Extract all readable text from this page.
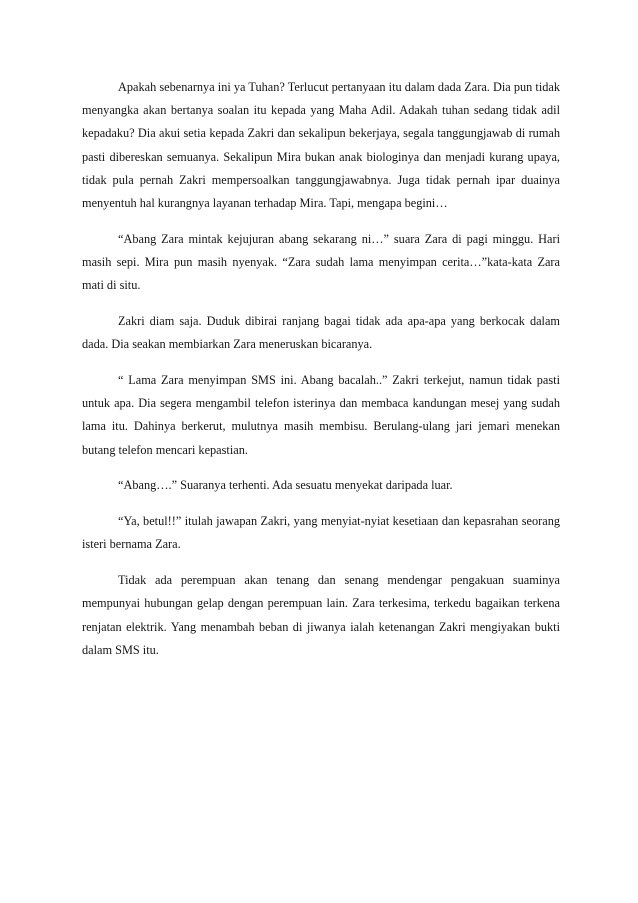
Apakah sebenarnya ini ya Tuhan? Terlucut pertanyaan itu dalam dada Zara. Dia pun tidak menyangka akan bertanya soalan itu kepada yang Maha Adil. Adakah tuhan sedang tidak adil kepadaku? Dia akui setia kepada Zakri dan sekalipun bekerjaya, segala tanggungjawab di rumah pasti dibereskan semuanya. Sekalipun Mira bukan anak biologinya dan menjadi kurang upaya, tidak pula pernah Zakri mempersoalkan tanggungjawabnya. Juga tidak pernah ipar duainya menyentuh hal kurangnya layanan terhadap Mira. Tapi, mengapa begini…

“Abang Zara mintak kejujuran abang sekarang ni…” suara Zara di pagi minggu. Hari masih sepi. Mira pun masih nyenyak. “Zara sudah lama menyimpan cerita…”kata-kata Zara mati di situ.

Zakri diam saja. Duduk dibirai ranjang bagai tidak ada apa-apa yang berkocak dalam dada. Dia seakan membiarkan Zara meneruskan bicaranya.

“ Lama Zara menyimpan SMS ini. Abang bacalah..” Zakri terkejut, namun tidak pasti untuk apa. Dia segera mengambil telefon isterinya dan membaca kandungan mesej yang sudah lama itu. Dahinya berkerut, mulutnya masih membisu. Berulang-ulang jari jemari menekan butang telefon mencari kepastian.

“Abang….” Suaranya terhenti. Ada sesuatu menyekat daripada luar.

“Ya, betul!!” itulah jawapan Zakri, yang menyiat-nyiat kesetiaan dan kepasrahan seorang isteri bernama Zara.

Tidak ada perempuan akan tenang dan senang mendengar pengakuan suaminya mempunyai hubungan gelap dengan perempuan lain. Zara terkesima, terkedu bagaikan terkena renjatan elektrik. Yang menambah beban di jiwanya ialah ketenangan Zakri mengiyakan bukti dalam SMS itu.
